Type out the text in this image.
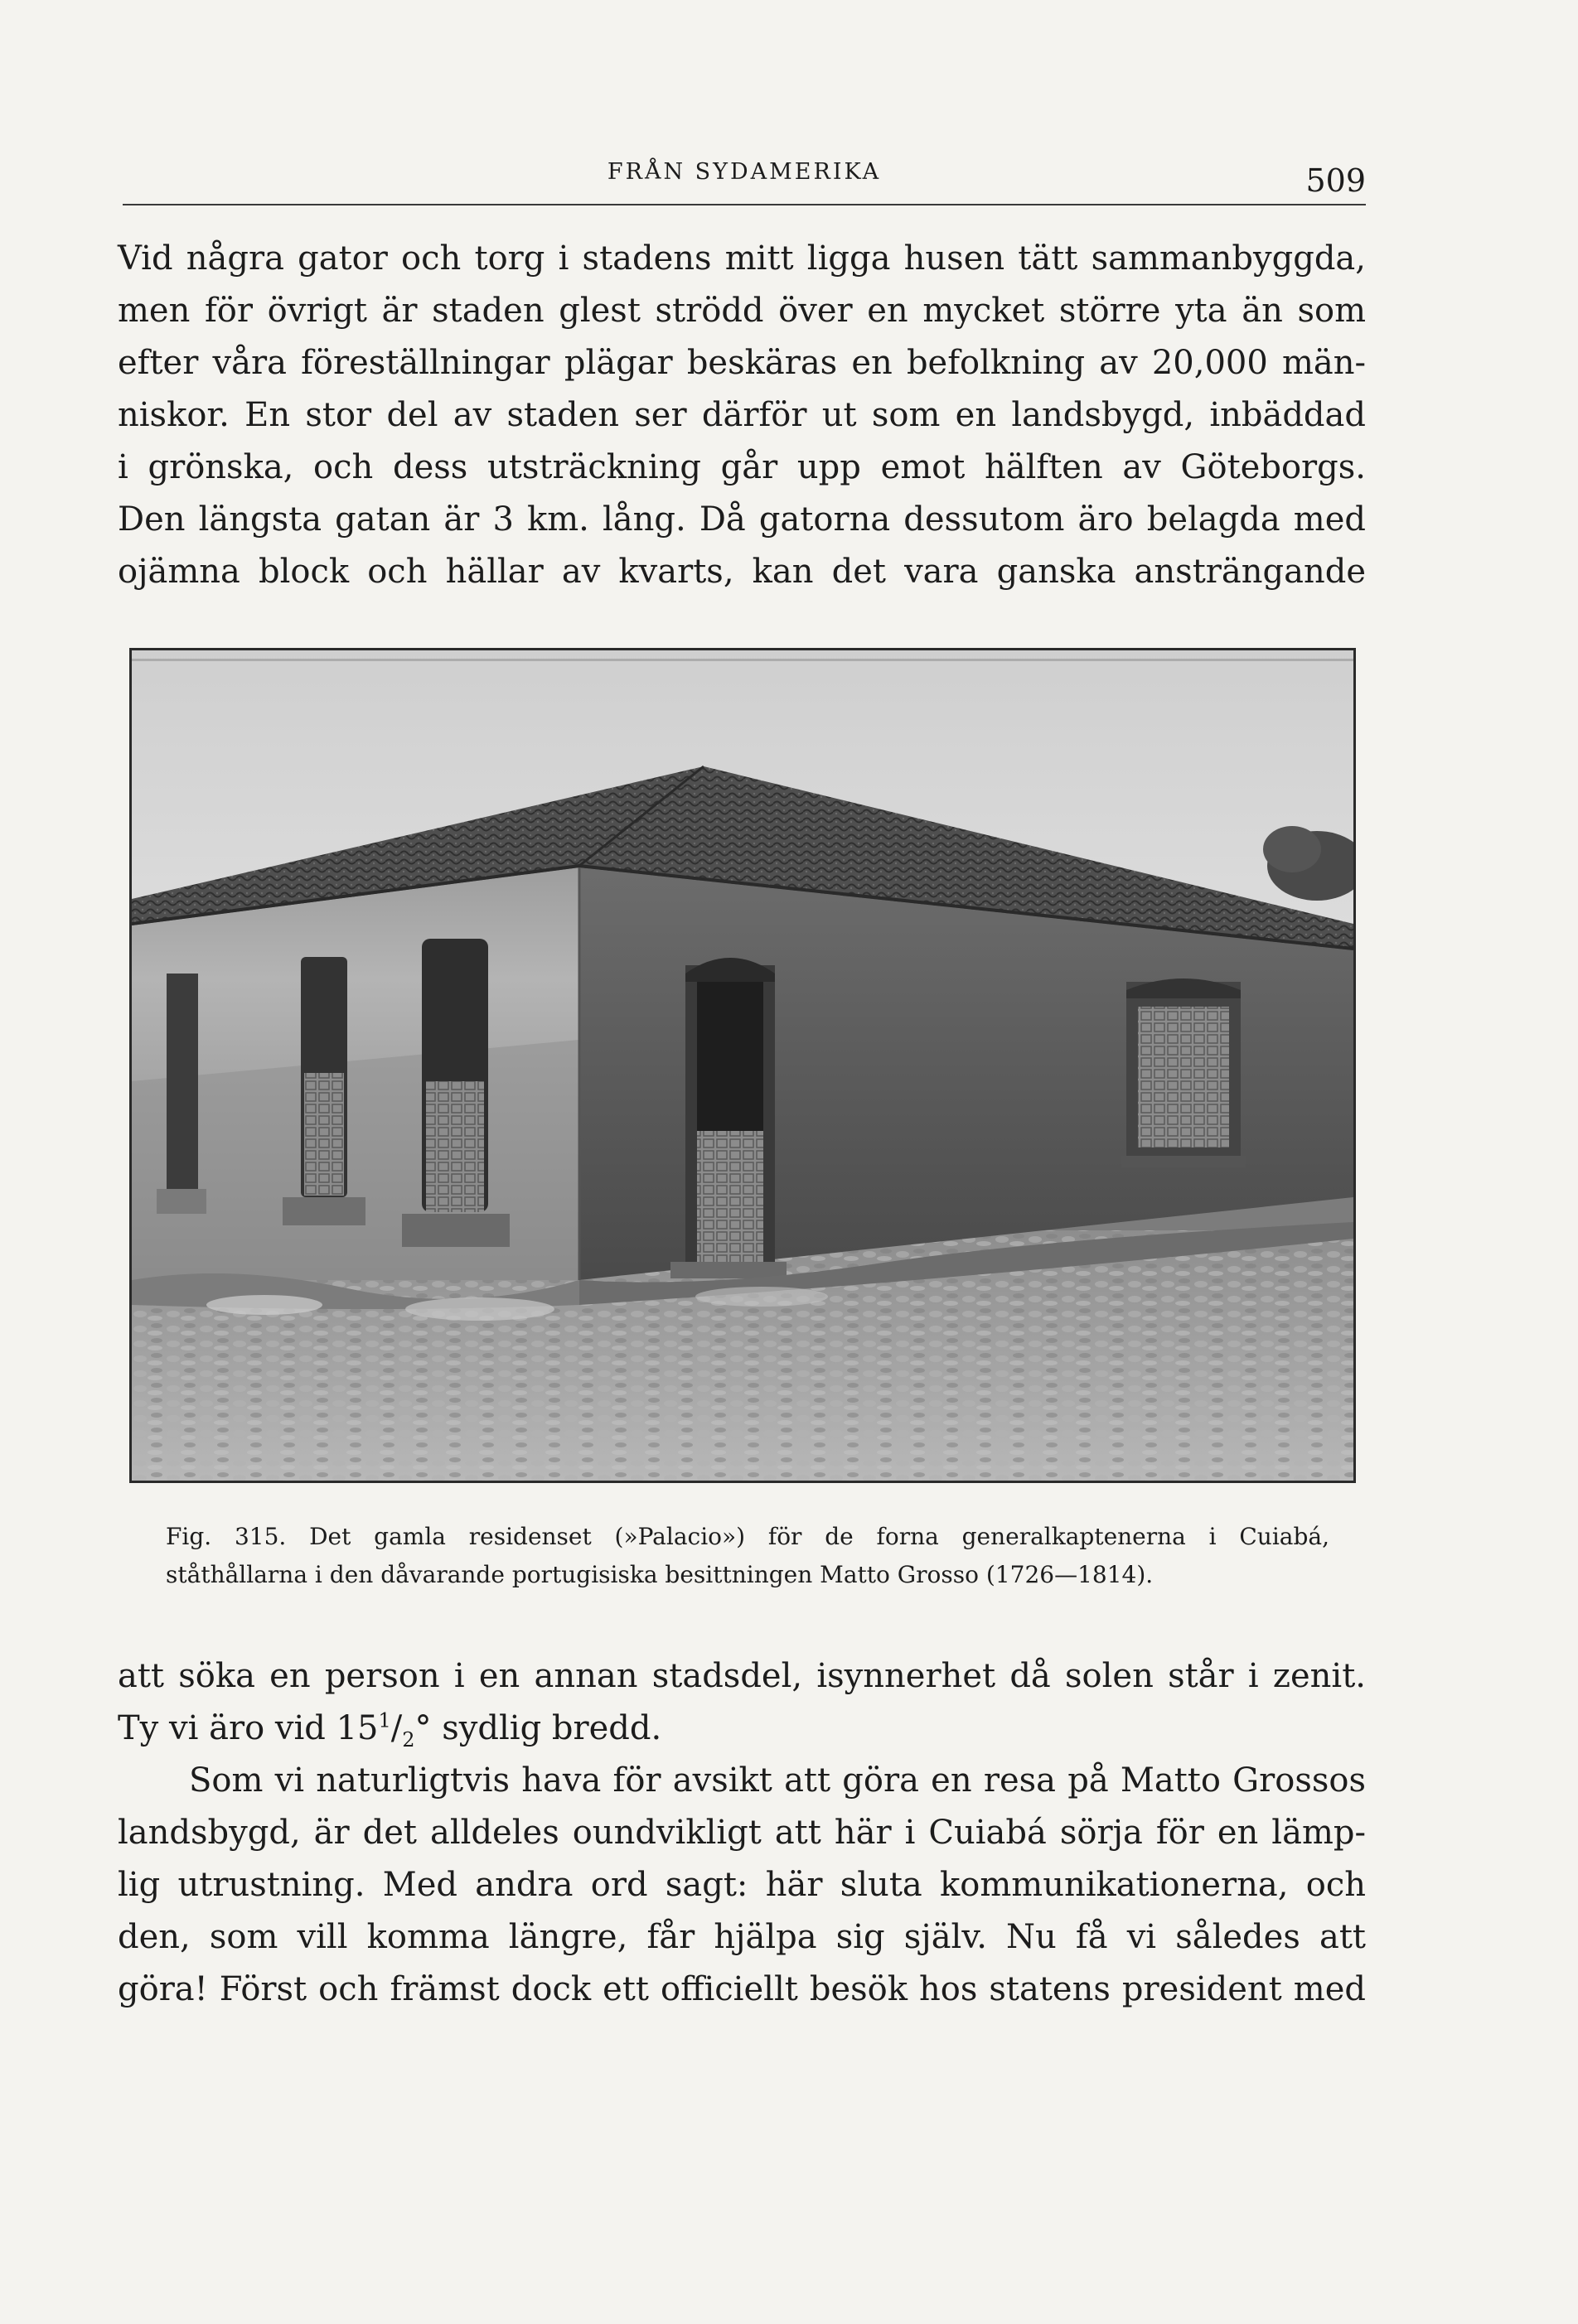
FRÅN SYDAMERIKA	509
Vid några gator och torg i stadens mitt ligga husen tätt sammanbyggda,
men för övrigt är staden glest strödd över en mycket större yta än som
efter våra föreställningar plägar beskäras en befolkning av 20,000 män-
niskor. En stor del av staden ser därför ut som en landsbygd, inbäddad
i grönska, och dess utsträckning går upp emot hälften av Göteborgs.
Den längsta gatan är 3 km. lång. Då gatorna dessutom äro belagda med
ojämna block och hällar av kvarts, kan det vara ganska ansträngande
Fig. 315. Det gamla residenset (»Palacio») för de forna generalkaptenerna i Cuiabá,
ståthållarna i den dåvarande portugisiska besittningen Matto Grosso (1726—1814).
att söka en person i en annan stadsdel, isynnerhet då solen står i zenit.
Ty vi äro vid $15^1/_2^\circ$ sydlig bredd.
Som vi naturligtvis hava för avsikt att göra en resa på Matto Grossos
landsbygd, är det alldeles oundvikligt att här i Cuiabá sörja för en lämp-
lig utrustning. Med andra ord sagt: här sluta kommunikationerna, och
den, som vill komma längre, får hjälpa sig själv. Nu få vi således att
göra! Först och främst dock ett officiellt besök hos statens president med
